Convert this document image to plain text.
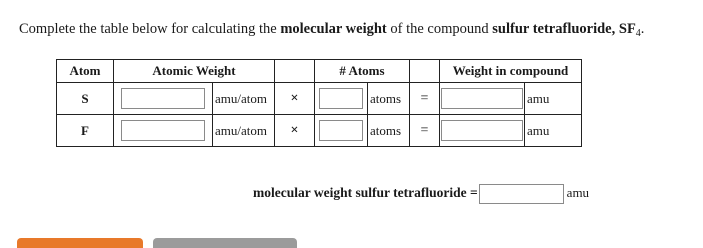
Complete the table below for calculating the molecular weight of the compound sulfur tetrafluoride, $SF_4$.
Atom	Atomic Weight			# Atoms			Weight in compound	
S		amu/atom	×		atoms	=		amu
F		amu/atom	×		atoms	=		amu
molecular weight sulfur tetrafluoride =	amu
